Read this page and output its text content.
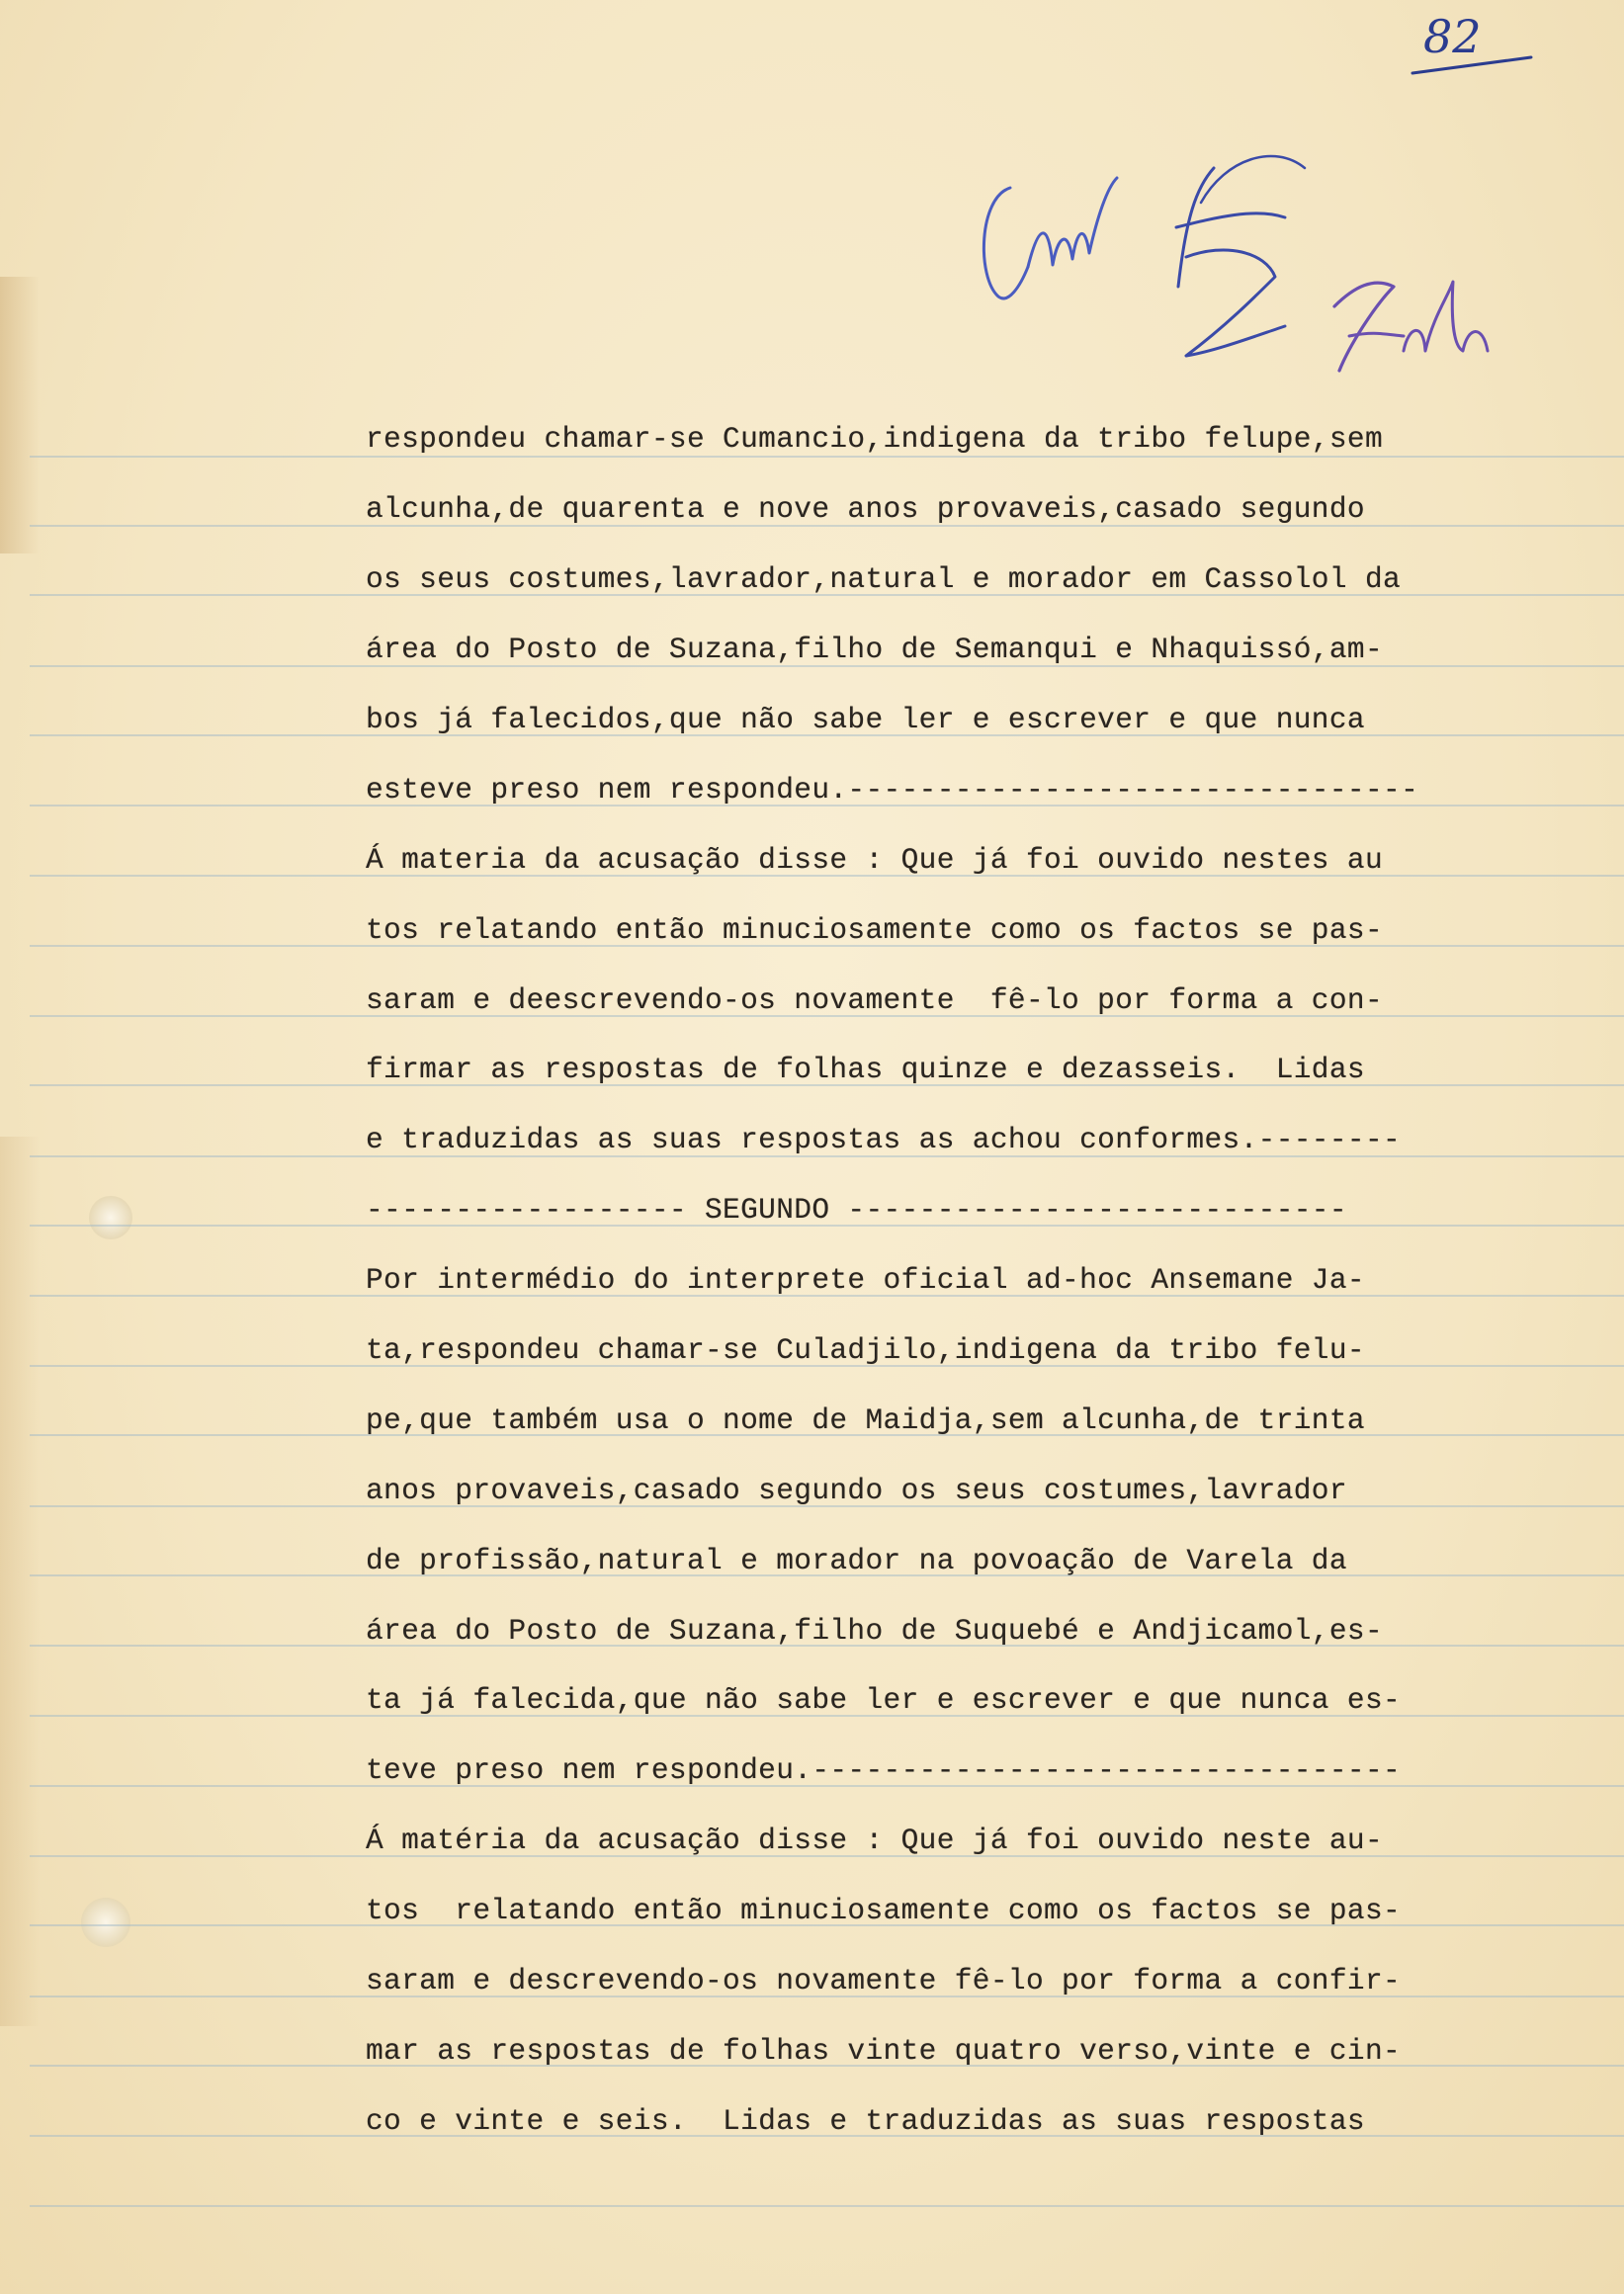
82
respondeu chamar-se Cumancio,indigena da tribo felupe,sem
alcunha,de quarenta e nove anos provaveis,casado segundo
os seus costumes,lavrador,natural e morador em Cassolol da
área do Posto de Suzana,filho de Semanqui e Nhaquissó,am-
bos já falecidos,que não sabe ler e escrever e que nunca
esteve preso nem respondeu.--------------------------------
Á materia da acusação disse : Que já foi ouvido nestes au
tos relatando então minuciosamente como os factos se pas-
saram e deescrevendo-os novamente  fê-lo por forma a con-
firmar as respostas de folhas quinze e dezasseis.  Lidas
e traduzidas as suas respostas as achou conformes.--------
------------------ SEGUNDO ----------------------------
Por intermédio do interprete oficial ad-hoc Ansemane Ja-
ta,respondeu chamar-se Culadjilo,indigena da tribo felu-
pe,que também usa o nome de Maidja,sem alcunha,de trinta
anos provaveis,casado segundo os seus costumes,lavrador
de profissão,natural e morador na povoação de Varela da
área do Posto de Suzana,filho de Suquebé e Andjicamol,es-
ta já falecida,que não sabe ler e escrever e que nunca es-
teve preso nem respondeu.---------------------------------
Á matéria da acusação disse : Que já foi ouvido neste au-
tos  relatando então minuciosamente como os factos se pas-
saram e descrevendo-os novamente fê-lo por forma a confir-
mar as respostas de folhas vinte quatro verso,vinte e cin-
co e vinte e seis.  Lidas e traduzidas as suas respostas
